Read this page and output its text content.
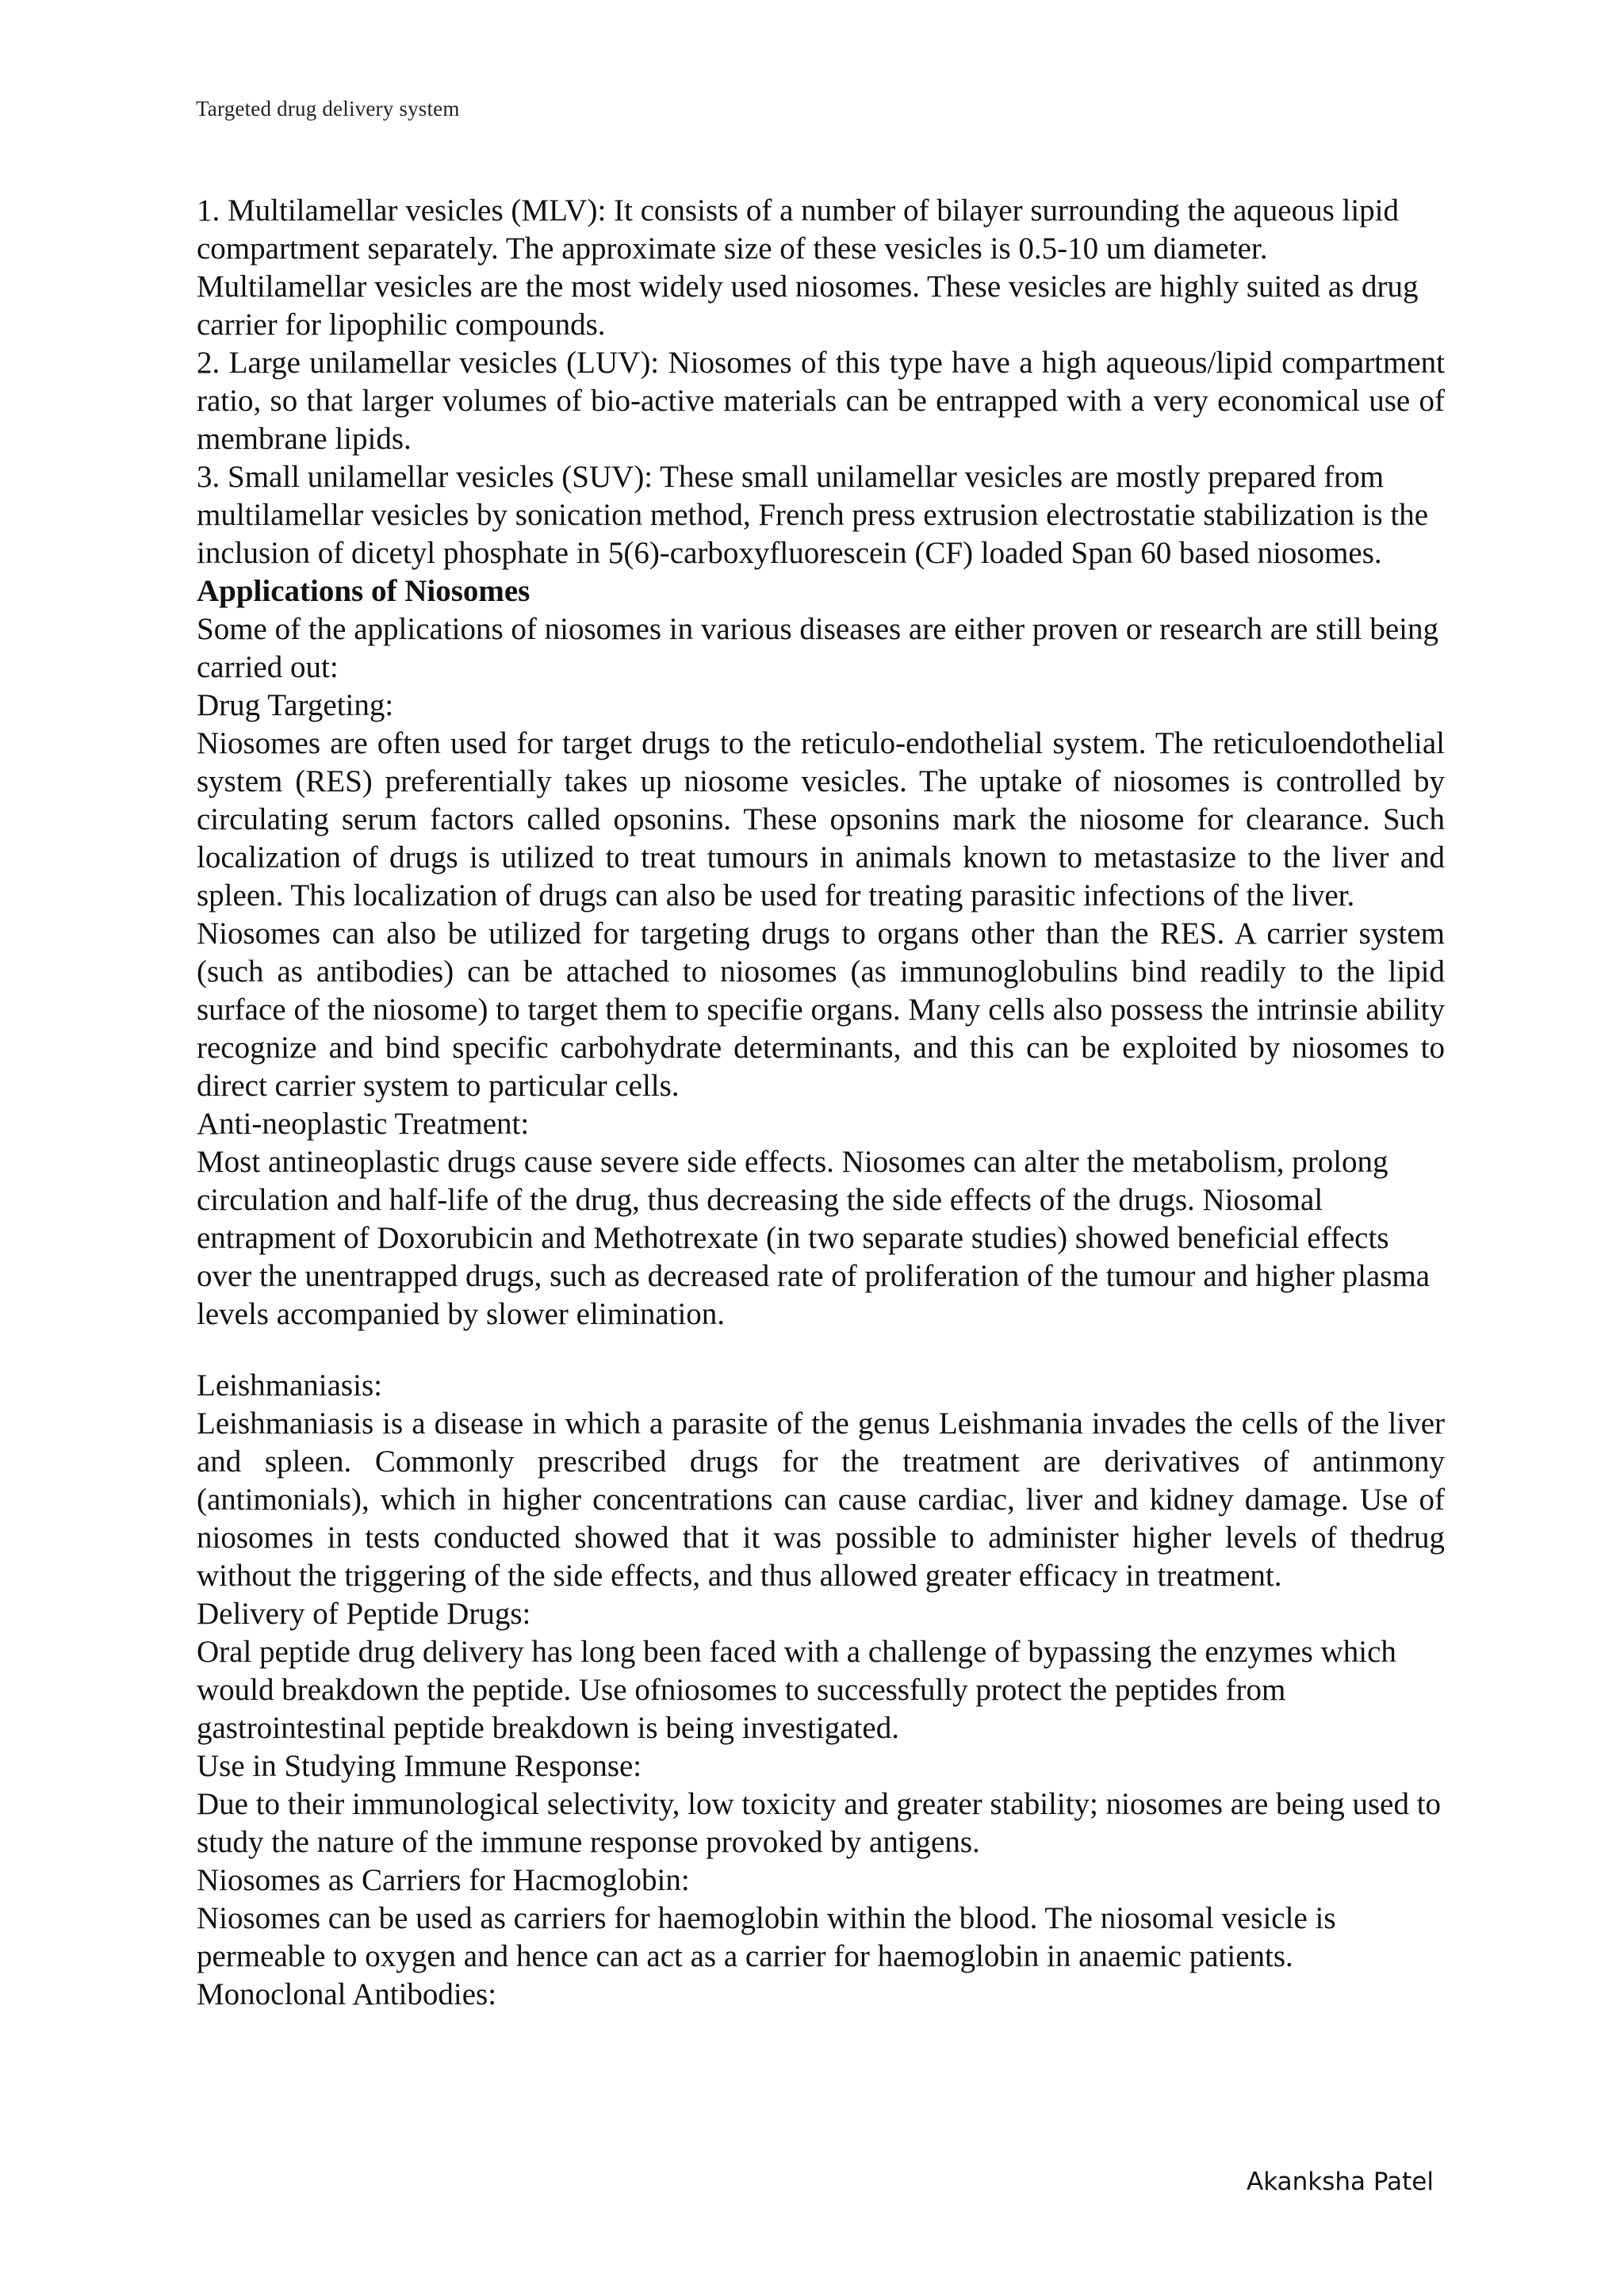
Targeted drug delivery system

1. Multilamellar vesicles (MLV): It consists of a number of bilayer surrounding the aqueous lipid compartment separately. The approximate size of these vesicles is 0.5-10 um diameter. Multilamellar vesicles are the most widely used niosomes. These vesicles are highly suited as drug carrier for lipophilic compounds.

2. Large unilamellar vesicles (LUV): Niosomes of this type have a high aqueous/lipid compartment ratio, so that larger volumes of bio-active materials can be entrapped with a very economical use of membrane lipids.

3. Small unilamellar vesicles (SUV): These small unilamellar vesicles are mostly prepared from multilamellar vesicles by sonication method, French press extrusion electrostatie stabilization is the inclusion of dicetyl phosphate in 5(6)-carboxyfluorescein (CF) loaded Span 60 based niosomes.

Applications of Niosomes

Some of the applications of niosomes in various diseases are either proven or research are still being carried out:

Drug Targeting:

Niosomes are often used for target drugs to the reticulo-endothelial system. The reticuloendothelial system (RES) preferentially takes up niosome vesicles. The uptake of niosomes is controlled by circulating serum factors called opsonins. These opsonins mark the niosome for clearance. Such localization of drugs is utilized to treat tumours in animals known to metastasize to the liver and spleen. This localization of drugs can also be used for treating parasitic infections of the liver.

Niosomes can also be utilized for targeting drugs to organs other than the RES. A carrier system (such as antibodies) can be attached to niosomes (as immunoglobulins bind readily to the lipid surface of the niosome) to target them to specifie organs. Many cells also possess the intrinsie ability recognize and bind specific carbohydrate determinants, and this can be exploited by niosomes to direct carrier system to particular cells.

Anti-neoplastic Treatment:

Most antineoplastic drugs cause severe side effects. Niosomes can alter the metabolism, prolong circulation and half-life of the drug, thus decreasing the side effects of the drugs. Niosomal entrapment of Doxorubicin and Methotrexate (in two separate studies) showed beneficial effects over the unentrapped drugs, such as decreased rate of proliferation of the tumour and higher plasma levels accompanied by slower elimination.

Leishmaniasis:

Leishmaniasis is a disease in which a parasite of the genus Leishmania invades the cells of the liver and spleen. Commonly prescribed drugs for the treatment are derivatives of antinmony (antimonials), which in higher concentrations can cause cardiac, liver and kidney damage. Use of niosomes in tests conducted showed that it was possible to administer higher levels of thedrug without the triggering of the side effects, and thus allowed greater efficacy in treatment.

Delivery of Peptide Drugs:

Oral peptide drug delivery has long been faced with a challenge of bypassing the enzymes which would breakdown the peptide. Use ofniosomes to successfully protect the peptides from gastrointestinal peptide breakdown is being investigated.

Use in Studying Immune Response:

Due to their immunological selectivity, low toxicity and greater stability; niosomes are being used to study the nature of the immune response provoked by antigens.

Niosomes as Carriers for Hacmoglobin:

Niosomes can be used as carriers for haemoglobin within the blood. The niosomal vesicle is permeable to oxygen and hence can act as a carrier for haemoglobin in anaemic patients.

Monoclonal Antibodies:

Akanksha Patel
